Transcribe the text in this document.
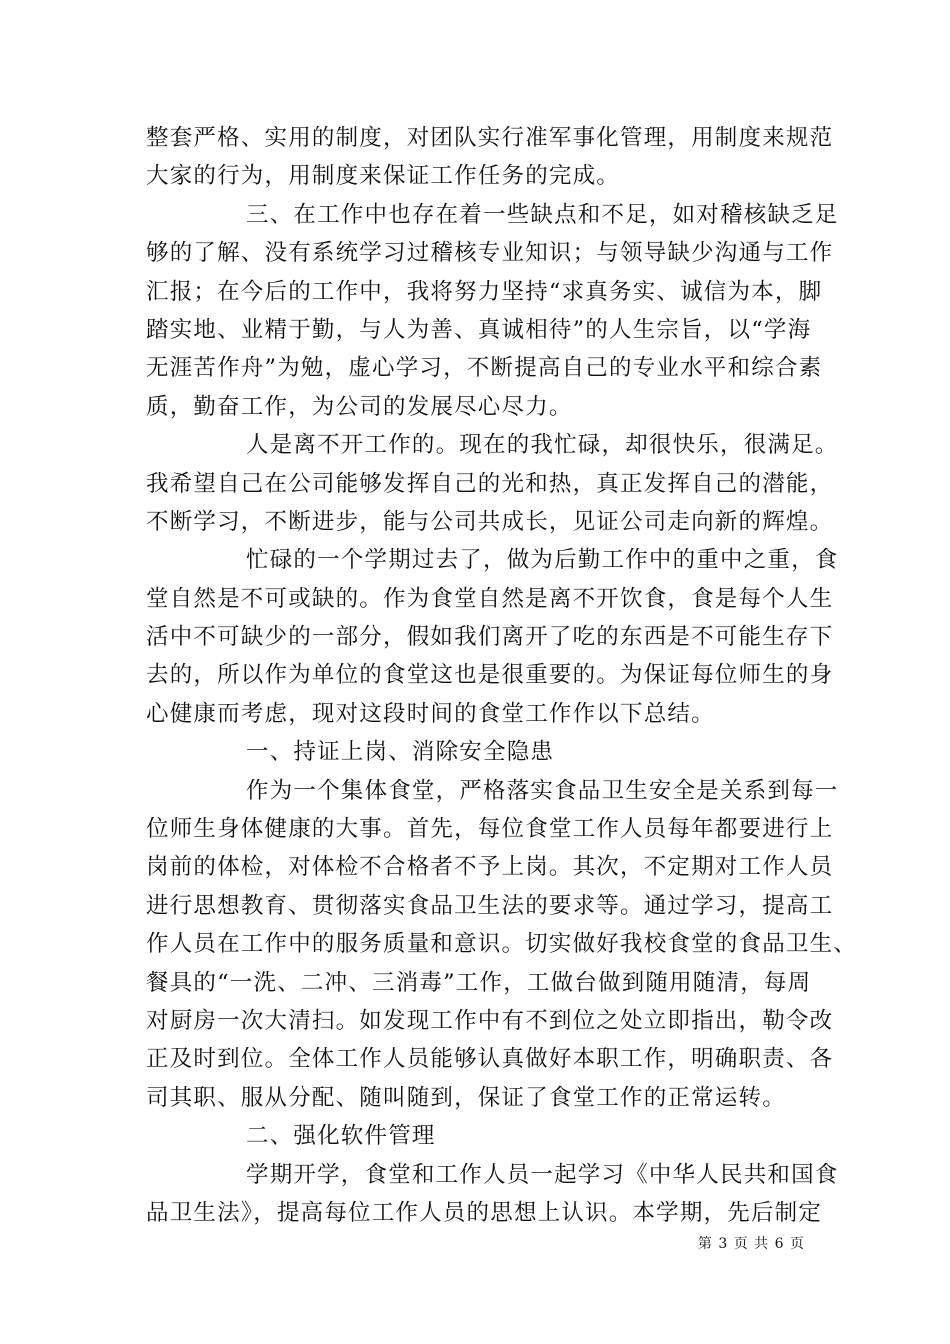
整套严格、实用的制度，对团队实行准军事化管理，用制度来规范
大家的行为，用制度来保证工作任务的完成。
三、在工作中也存在着一些缺点和不足，如对稽核缺乏足
够的了解、没有系统学习过稽核专业知识；与领导缺少沟通与工作
汇报；在今后的工作中，我将努力坚持“求真务实、诚信为本，脚
踏实地、业精于勤，与人为善、真诚相待”的人生宗旨，以“学海
无涯苦作舟”为勉，虚心学习，不断提高自己的专业水平和综合素
质，勤奋工作，为公司的发展尽心尽力。
人是离不开工作的。现在的我忙碌，却很快乐，很满足。
我希望自己在公司能够发挥自己的光和热，真正发挥自己的潜能，
不断学习，不断进步，能与公司共成长，见证公司走向新的辉煌。
忙碌的一个学期过去了，做为后勤工作中的重中之重，食
堂自然是不可或缺的。作为食堂自然是离不开饮食，食是每个人生
活中不可缺少的一部分，假如我们离开了吃的东西是不可能生存下
去的，所以作为单位的食堂这也是很重要的。为保证每位师生的身
心健康而考虑，现对这段时间的食堂工作作以下总结。
一、持证上岗、消除安全隐患
作为一个集体食堂，严格落实食品卫生安全是关系到每一
位师生身体健康的大事。首先，每位食堂工作人员每年都要进行上
岗前的体检，对体检不合格者不予上岗。其次，不定期对工作人员
进行思想教育、贯彻落实食品卫生法的要求等。通过学习，提高工
作人员在工作中的服务质量和意识。切实做好我校食堂的食品卫生、
餐具的“一洗、二冲、三消毒”工作，工做台做到随用随清，每周
对厨房一次大清扫。如发现工作中有不到位之处立即指出，勒令改
正及时到位。全体工作人员能够认真做好本职工作，明确职责、各
司其职、服从分配、随叫随到，保证了食堂工作的正常运转。
二、强化软件管理
学期开学，食堂和工作人员一起学习《中华人民共和国食
品卫生法》，提高每位工作人员的思想上认识。本学期，先后制定
第 3 页 共 6 页
